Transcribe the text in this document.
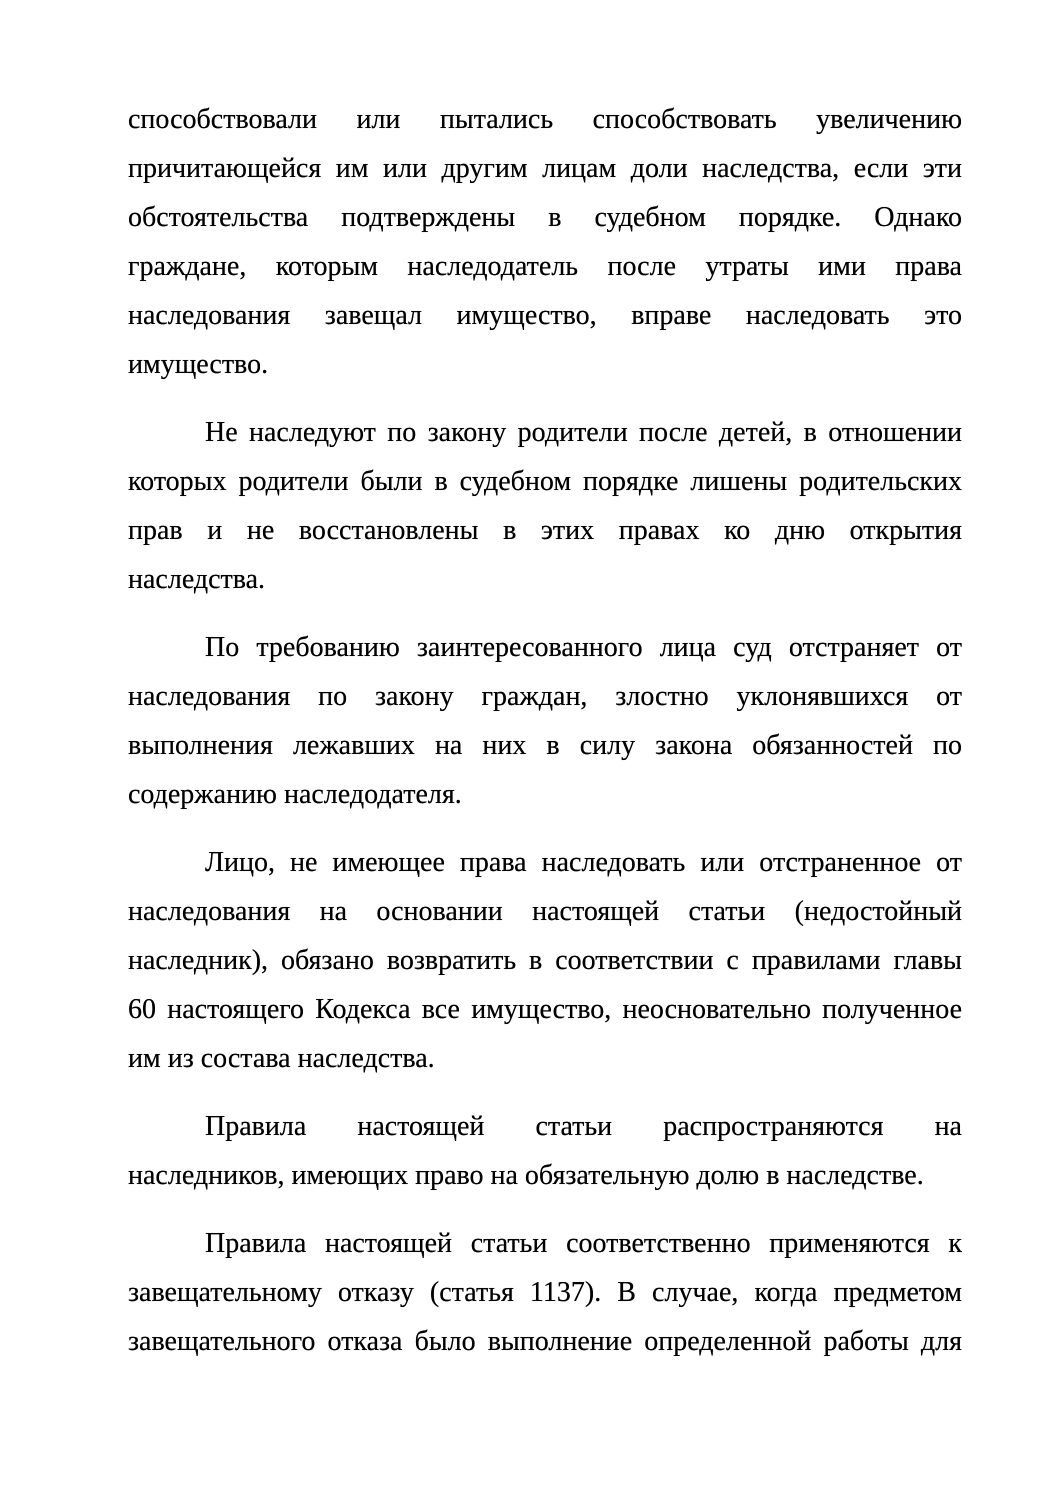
способствовали или пытались способствовать увеличению
причитающейся им или другим лицам доли наследства, если эти
обстоятельства подтверждены в судебном порядке. Однако
граждане, которым наследодатель после утраты ими права
наследования завещал имущество, вправе наследовать это
имущество.
Не наследуют по закону родители после детей, в отношении
которых родители были в судебном порядке лишены родительских
прав и не восстановлены в этих правах ко дню открытия
наследства.
По требованию заинтересованного лица суд отстраняет от
наследования по закону граждан, злостно уклонявшихся от
выполнения лежавших на них в силу закона обязанностей по
содержанию наследодателя.
Лицо, не имеющее права наследовать или отстраненное от
наследования на основании настоящей статьи (недостойный
наследник), обязано возвратить в соответствии с правилами главы
60 настоящего Кодекса все имущество, неосновательно полученное
им из состава наследства.
Правила настоящей статьи распространяются на
наследников, имеющих право на обязательную долю в наследстве.
Правила настоящей статьи соответственно применяются к
завещательному отказу (статья 1137). В случае, когда предметом
завещательного отказа было выполнение определенной работы для
